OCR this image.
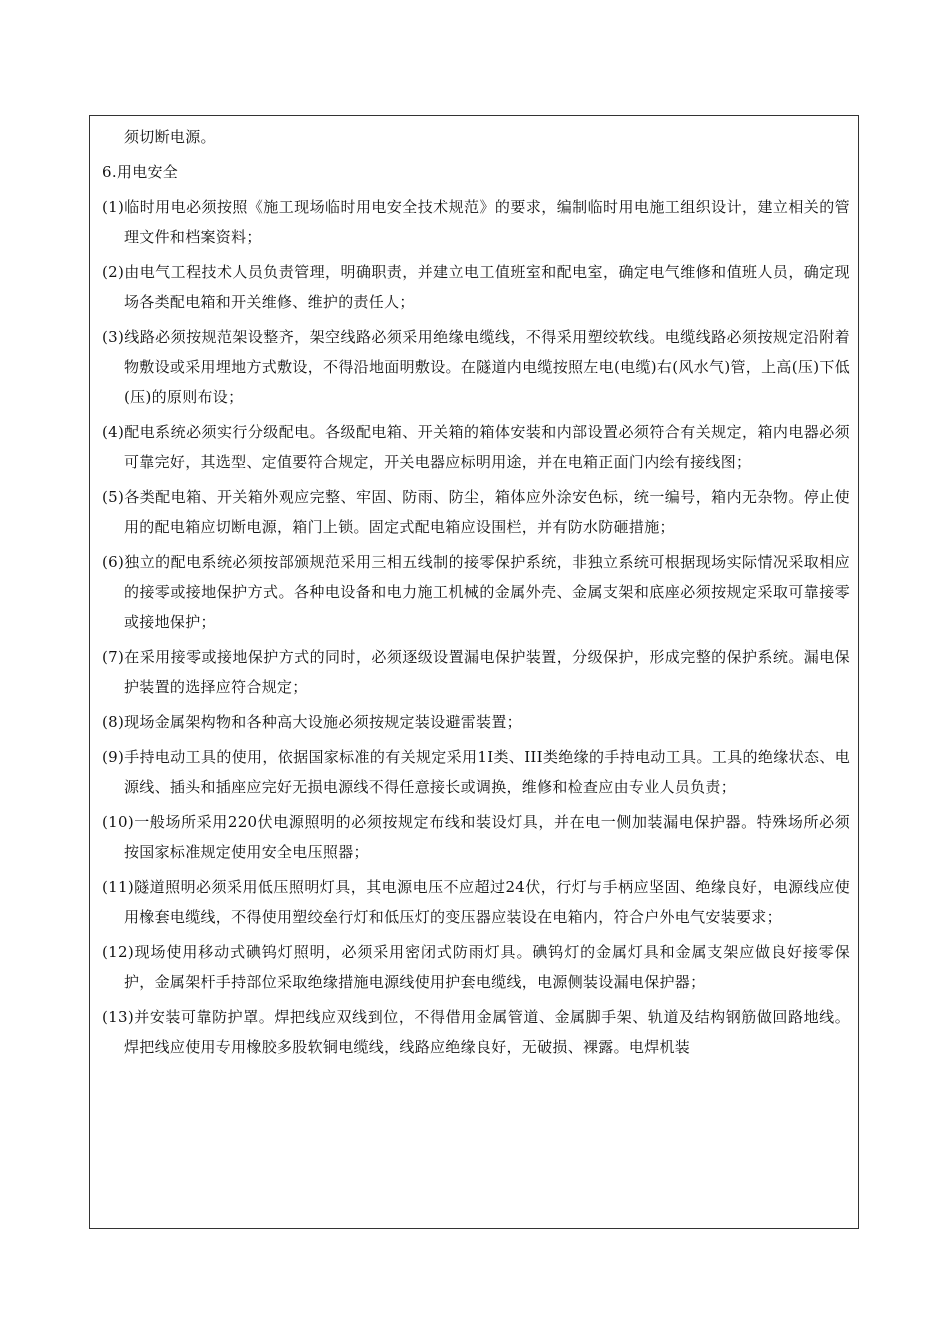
须切断电源。

6.用电安全

(1)临时用电必须按照《施工现场临时用电安全技术规范》的要求，编制临时用电施工组织设计，建立相关的管理文件和档案资料；

(2)由电气工程技术人员负责管理，明确职责，并建立电工值班室和配电室，确定电气维修和值班人员，确定现场各类配电箱和开关维修、维护的责任人；

(3)线路必须按规范架设整齐，架空线路必须采用绝缘电缆线，不得采用塑绞软线。电缆线路必须按规定沿附着物敷设或采用埋地方式敷设，不得沿地面明敷设。在隧道内电缆按照左电(电缆)右(风水气)管，上高(压)下低(压)的原则布设；

(4)配电系统必须实行分级配电。各级配电箱、开关箱的箱体安装和内部设置必须符合有关规定，箱内电器必须可靠完好，其选型、定值要符合规定，开关电器应标明用途，并在电箱正面门内绘有接线图；

(5)各类配电箱、开关箱外观应完整、牢固、防雨、防尘，箱体应外涂安色标，统一编号，箱内无杂物。停止使用的配电箱应切断电源，箱门上锁。固定式配电箱应设围栏，并有防水防砸措施；

(6)独立的配电系统必须按部颁规范采用三相五线制的接零保护系统，非独立系统可根据现场实际情况采取相应的接零或接地保护方式。各种电设备和电力施工机械的金属外壳、金属支架和底座必须按规定采取可靠接零或接地保护；

(7)在采用接零或接地保护方式的同时，必须逐级设置漏电保护装置，分级保护，形成完整的保护系统。漏电保护装置的选择应符合规定；

(8)现场金属架构物和各种高大设施必须按规定装设避雷装置；

(9)手持电动工具的使用，依据国家标准的有关规定采用1I类、III类绝缘的手持电动工具。工具的绝缘状态、电源线、插头和插座应完好无损电源线不得任意接长或调换，维修和检查应由专业人员负责；

(10)一般场所采用220伏电源照明的必须按规定布线和装设灯具，并在电一侧加装漏电保护器。特殊场所必须按国家标准规定使用安全电压照器；

(11)隧道照明必须采用低压照明灯具，其电源电压不应超过24伏，行灯与手柄应坚固、绝缘良好，电源线应使用橡套电缆线，不得使用塑绞垒行灯和低压灯的变压器应装设在电箱内，符合户外电气安装要求；

(12)现场使用移动式碘钨灯照明，必须采用密闭式防雨灯具。碘钨灯的金属灯具和金属支架应做良好接零保护，金属架杆手持部位采取绝缘措施电源线使用护套电缆线，电源侧装设漏电保护器；

(13)并安装可靠防护罩。焊把线应双线到位，不得借用金属管道、金属脚手架、轨道及结构钢筋做回路地线。焊把线应使用专用橡胶多股软铜电缆线，线路应绝缘良好，无破损、裸露。电焊机装
